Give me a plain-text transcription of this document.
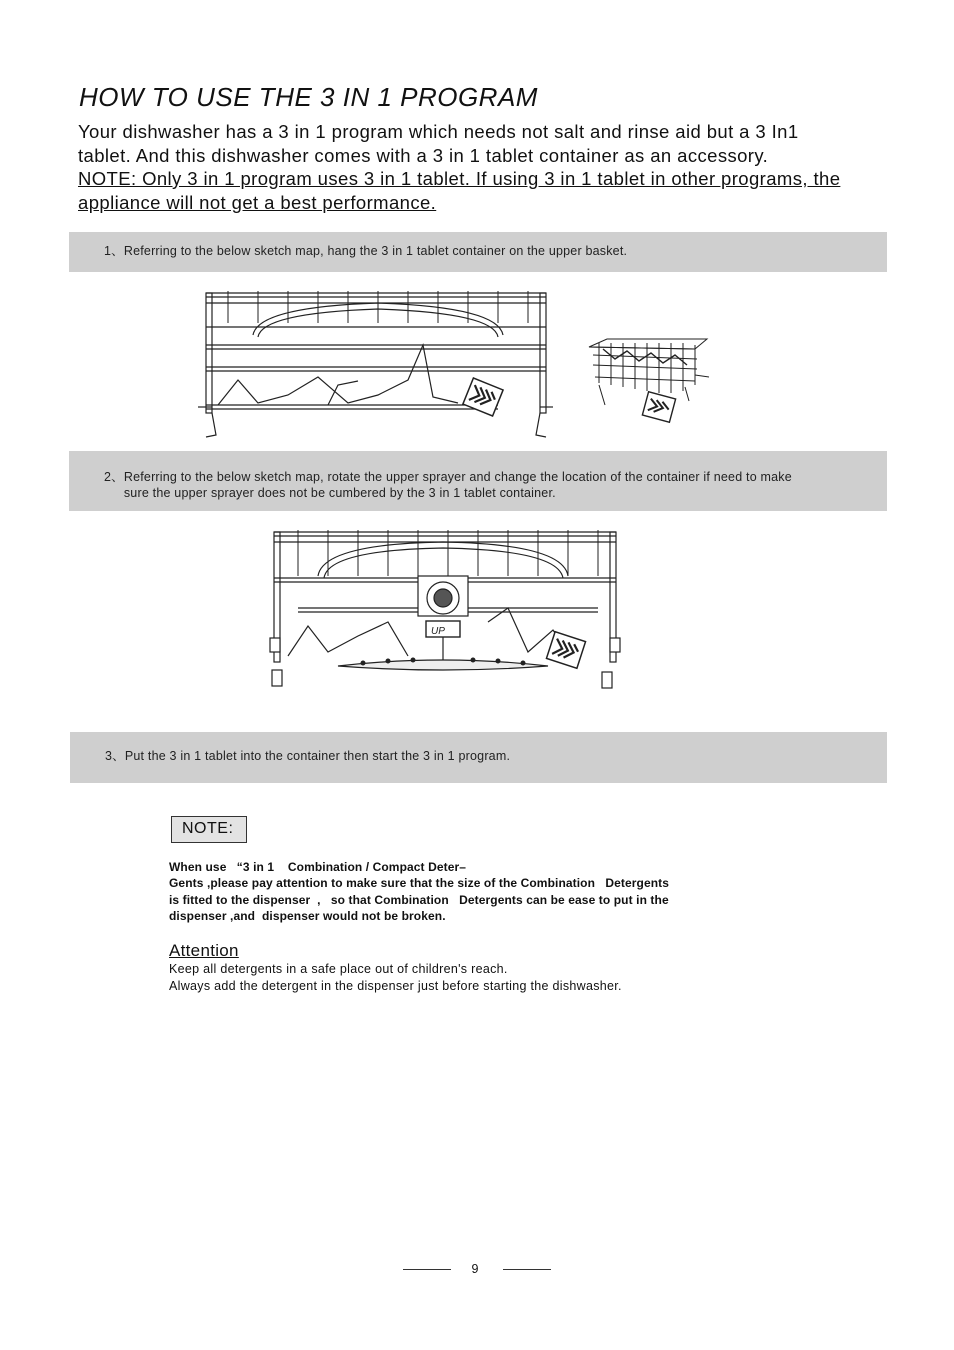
HOW TO USE THE 3 IN 1 PROGRAM
Your dishwasher has a 3 in 1 program which needs not salt and rinse aid but a 3 In1
tablet. And this dishwasher comes with a 3 in 1 tablet container as an accessory.
NOTE: Only 3 in 1 program uses 3 in 1 tablet. If using 3 in 1 tablet in other programs, the
appliance will not get a best performance.
1、 Referring to the below sketch map, hang the 3 in 1 tablet container on the upper basket.
2、 Referring to the below sketch map, rotate the upper sprayer and change the location of the container if need to make
sure the upper sprayer does not be cumbered by the 3 in 1 tablet container.
UP
3、 Put the 3 in 1 tablet into the container then start the 3 in 1 program.
NOTE:
When use   “3 in 1    Combination / Compact Deter–
Gents ,please pay attention to make sure that the size of the Combination   Detergents
is fitted to the dispenser  ,   so that Combination   Detergents can be ease to put in the
dispenser ,and  dispenser would not be broken.
Attention
Keep all detergents in a safe place out of children's reach.
Always add the detergent in the dispenser just before starting the dishwasher.
9
